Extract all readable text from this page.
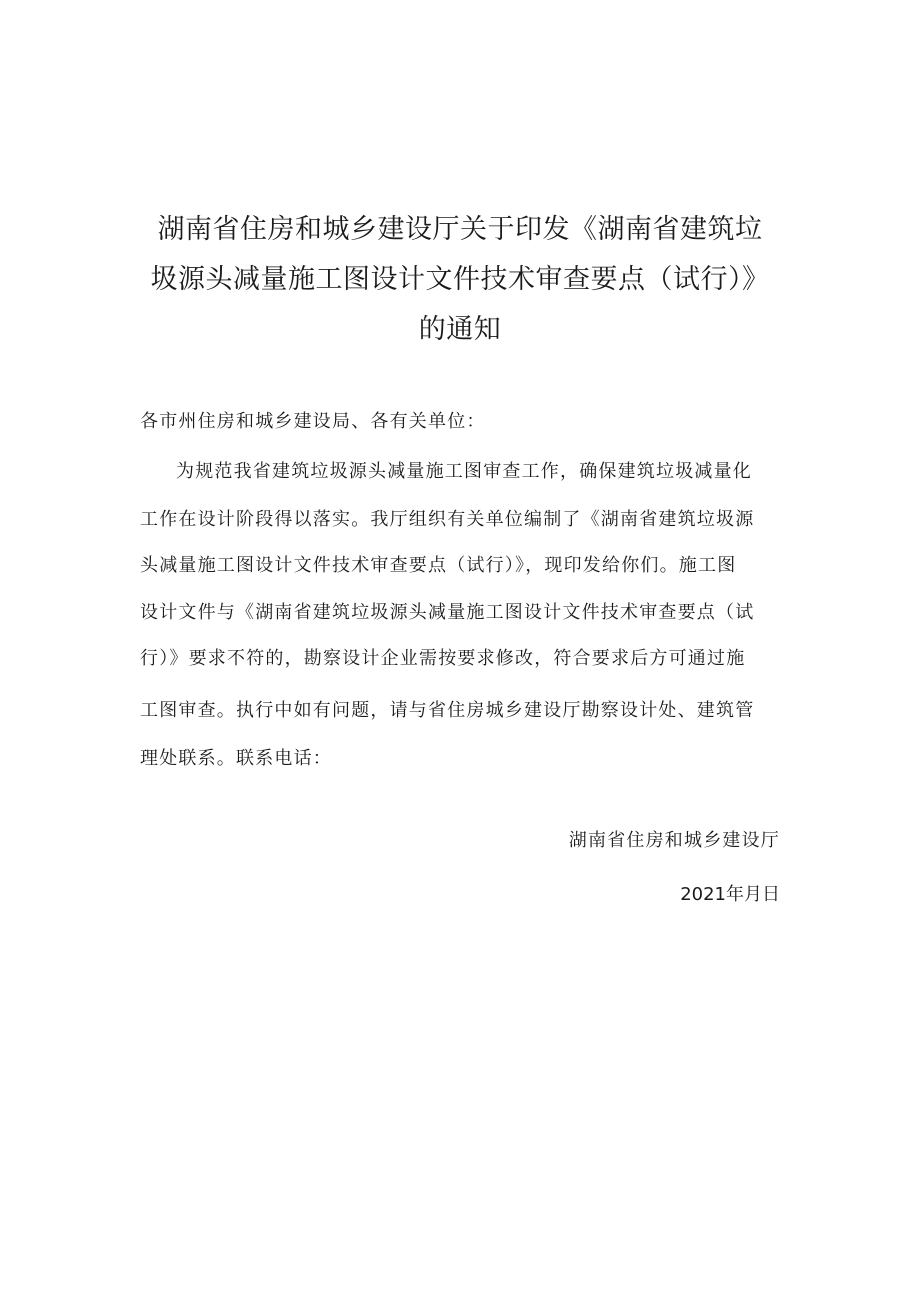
湖南省住房和城乡建设厅关于印发《湖南省建筑垃
圾源头减量施工图设计文件技术审查要点（试行）》
的通知
各市州住房和城乡建设局、各有关单位：
为规范我省建筑垃圾源头减量施工图审查工作，确保建筑垃圾减量化
工作在设计阶段得以落实。我厅组织有关单位编制了《湖南省建筑垃圾源
头减量施工图设计文件技术审查要点（试行）》，现印发给你们。施工图
设计文件与《湖南省建筑垃圾源头减量施工图设计文件技术审查要点（试
行）》要求不符的，勘察设计企业需按要求修改，符合要求后方可通过施
工图审查。执行中如有问题，请与省住房城乡建设厅勘察设计处、建筑管
理处联系。联系电话：
湖南省住房和城乡建设厅
2021年月日
